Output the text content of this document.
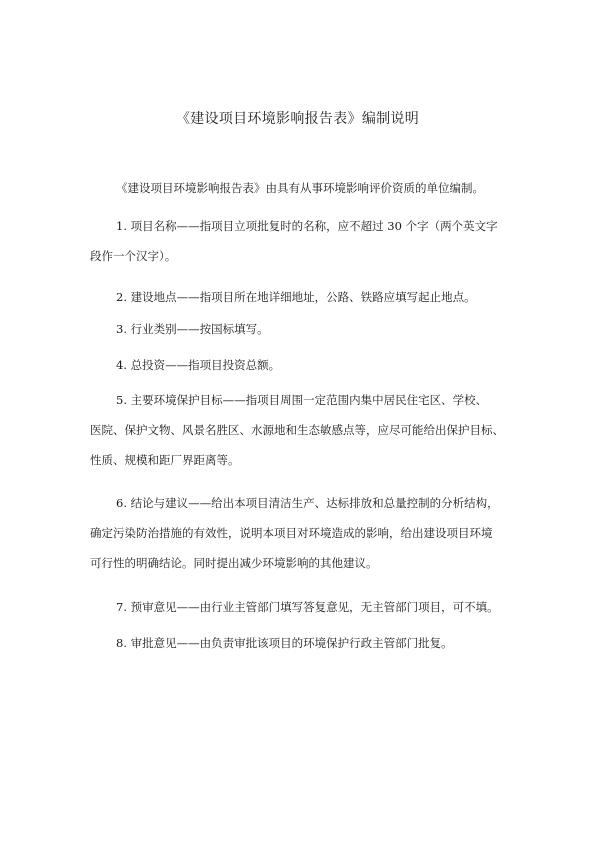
《建设项目环境影响报告表》编制说明
《建设项目环境影响报告表》由具有从事环境影响评价资质的单位编制。
1. 项目名称——指项目立项批复时的名称，应不超过 30 个字（两个英文字
段作一个汉字）。
2. 建设地点——指项目所在地详细地址，公路、铁路应填写起止地点。
3. 行业类别——按国标填写。
4. 总投资——指项目投资总额。
5. 主要环境保护目标——指项目周围一定范围内集中居民住宅区、学校、
医院、保护文物、风景名胜区、水源地和生态敏感点等，应尽可能给出保护目标、
性质、规模和距厂界距离等。
6. 结论与建议——给出本项目清洁生产、达标排放和总量控制的分析结构，
确定污染防治措施的有效性，说明本项目对环境造成的影响，给出建设项目环境
可行性的明确结论。同时提出减少环境影响的其他建议。
7. 预审意见——由行业主管部门填写答复意见，无主管部门项目，可不填。
8. 审批意见——由负责审批该项目的环境保护行政主管部门批复。
